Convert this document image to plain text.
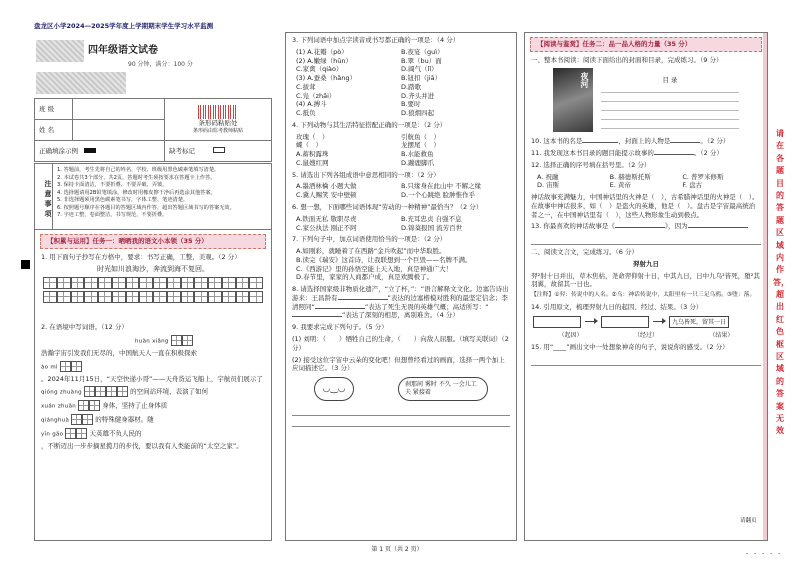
盘龙区小学2024—2025学年度上学期期末学生学习水平监测
四年级语文试卷
90 分钟，满分：100 分
班 级		条形码粘贴处
条形码由监考教师粘贴

姓 名		
正确填涂示例		缺考标记
注意事项
1. 答题前，考生先将自己的姓名、学校、班级用黑色碳素笔填写清楚。
2. 本试卷共3个部分，共2页。答题时考生须按要求在答题卡上作答。
3. 保持卡面清洁，不要折叠、不要弄破、弄皱。
4. 选择题请用2B铅笔填涂，修改时用橡皮擦干净后再选涂其他答案。
5. 非选择题须用黑色碳素笔书写，字体工整、笔迹清楚。
6. 按照题号顺序在各题目的答题区域内作答，超出答题区域书写的答案无效。
7. 字迹工整，卷面整洁，书写规范，不要折叠。
【积累与运用】任务一：晒晒我的语文小本领（35 分）
1. 用下面句子抄写在方格中，要求：书写正确，工整，美观。（2 分）
时光如川浪淘沙，奔流到海不复回。
2. 在语境中写词语。（12 分）
huàn xiǎng
浩瀚宇宙引发我们无尽的，中国航天人一直在积极探索
ào mì
。2024年11月15日，“天空快递小哥”——天舟货运飞船上，宇航员们展示了
qióng zhuàng	的空间站环境，表演了如何
xuán zhuǎn	身体，坚持了止身体质
qiánghuà	的特殊健身器材。随
yīn gāo	天英雄不负人民的
，不断迈出一步步摘星揽月的步伐，要以我有人类能前的“太空之家”。
3. 下列词语中加点字读音或书写都正确的一项是：（4 分）
(1) A.花瓣（pò）	B.夜宴（guì）
(2) A.嫩绿（hūn）	B.翠（bu）面
C.家禽（qiào）	D.阔气（lǐ）
(3) A.蚕桑（hǎng）	B.钮扣（jiā）
C.拔茸	D.踏歌
C.凫（zhǎi）	D.齐头并进
(4) A.搏斗	B.要时
C.抵负	D.狼烟四起
4. 下列动物与其生活特征搭配正确的一项是：（2 分）
玫瑰（　）	引航鱼（　）
蝶（　）	龙摆尾（　）
A.蓄积露珠	B.水能救鱼
C.鼠嫂红网	D.蹦鹿脚爪
5. 请选出下列各组成语中意思相同的一项：（2 分）
A.墨酒林檎 小题大做	B.只缘身在此山中 不解之缘
C.冀人赐笑 安中壁顿	D.一个心跳绝 脸肿惟作乎
6. 想一想，下面哪些词语体现“劳动的一种精神”最恰当？（2 分）
A.铁面无私 敬职尽责	B.充耳忠贞 自强不息
C.家公执法 刚正不阿	D.锦葵报国 流芳百世
7. 下列句子中，加点词语使用恰当的一项是：（2 分）
A.如刚彩，就睡着了在西路“金兵吹起”而中华取胜。
B.读完《瑞安》这首诗，让我联想到一个巨毁——名牌不满。
C.《西游记》里的孙悟空能上天入地，真是神通广大！
D.春节里，家家的人商都户成，真是欢腾极了。
8. 请选择国家级非物质化遗产，“立了杯，”：“语言解释文文化。边塞告诗出游来：王昌龄有	”表达的边塞楷模对胜利的最坚定信念；李清照同“	”表达了死生无畏的英雄气概；高适所写：“”表达了深刻的相思，离别难舍。（4 分）
9. 我要求完成下列句子。（5 分）
(1) 刘明：（　　）牺牲自己的生命，（　　）向敌人屈服。（填写关联词）（2 分）
(2) 接受这位宇宙中云朵的变化吧！但想曾经看过的画面，选择一两个加上应词描述它。（3 分）
◡‿◡	刹那间 雾时 不久 一会儿工夫 紧接着
【阅读与鉴赏】任务二：品一品人格的力量（35 分）
一、整本书阅读：阅读下面给出的封面和目录，完成练习。（9 分）
夜河	目 录
10. 这本书的名是	，封面上的人物是	。（2 分）
11. 我发现这本书目录的题目能提示故事的	。（2 分）
12. 选择正确的序号填在括号里。（2 分）
A. 祝融	B. 赫德斯托斯	C. 普罗米修斯
D. 宙斯	E. 黄帝	F. 盘古
神话故事充满魅力，中国神话里的火神是（　），古希腊神话里的火神是（　）。在故事中神话很多，如（　）是盗火的英雄，他是（　）。盘古是宇宙最高统治者之一，在中国神话里有（　），这些人物形象生动到极点。
13. 你最喜欢的神话故事是《	》，因为
二、阅读文言文，完成练习。（6 分）
羿射九日
羿²射十日并出，草木焦枯，尧命羿仰射十日，中其九日，日中九乌²皆死，堕²其羽翼，故留其一日也。
【注释】①羿：传说中的人名。②乌：神话传说中，太阳里有一只三足乌鸦。③堕：落。
14. 引用原文，梳理羿射九日的起因、经过、结果。（3 分）
九乌皆死，留其一日
（起因）	（经过）	（结果）
15. 用“____”画出文中一处想象神奇的句子，说说你的感受。（2 分）
请翻页
请在各题目的答题区域内作答，超出红色框区域的答案无效
第 1 页（共 2 页）
- - - - -
